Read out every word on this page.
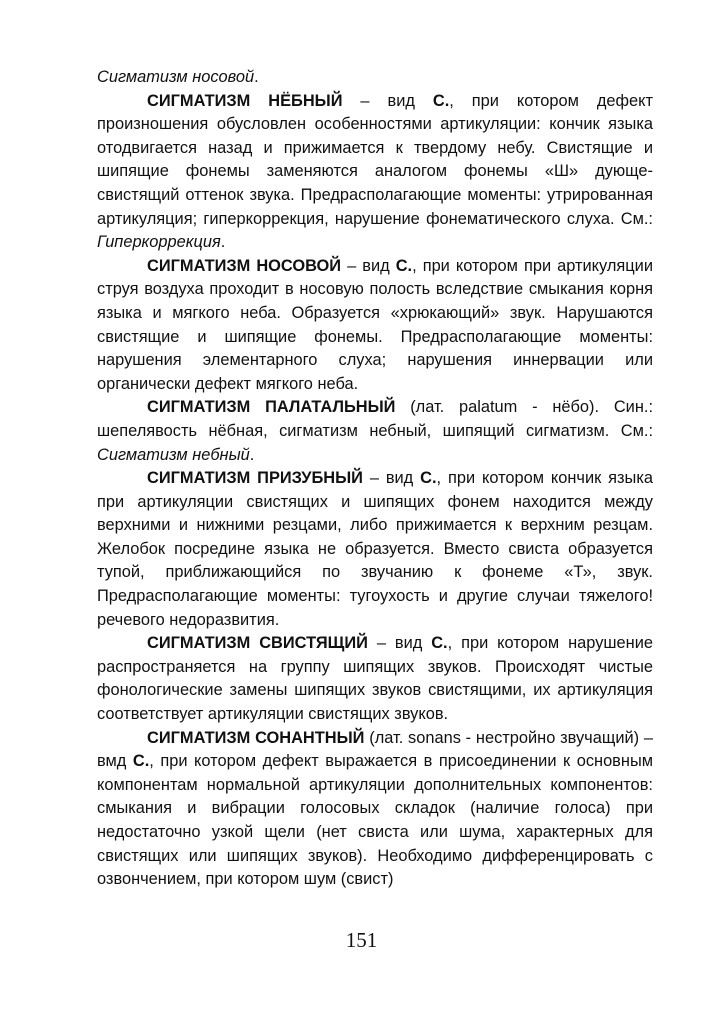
Сигматизм носовой.

СИГМАТИЗМ НЁБНЫЙ – вид С., при котором дефект произношения обусловлен особенностями артикуляции: кончик языка отодвигается назад и прижимается к твердому небу. Свистящие и шипящие фонемы заменяются аналогом фонемы «Ш» дующе-свистящий оттенок звука. Предрасполагающие моменты: утрированная артикуляция; гиперкоррекция, нарушение фонематического слуха. См.: Гиперкоррекция.

СИГМАТИЗМ НОСОВОЙ – вид С., при котором при артикуляции струя воздуха проходит в носовую полость вследствие смыкания корня языка и мягкого неба. Образуется «хрюкающий» звук. Нарушаются свистящие и шипящие фонемы. Предрасполагающие моменты: нарушения элементарного слуха; нарушения иннервации или органически дефект мягкого неба.

СИГМАТИЗМ ПАЛАТАЛЬНЫЙ (лат. palatum - нёбо). Син.: шепелявость нёбная, сигматизм небный, шипящий сигматизм. См.: Сигматизм небный.

СИГМАТИЗМ ПРИЗУБНЫЙ – вид С., при котором кончик языка при артикуляции свистящих и шипящих фонем находится между верхними и нижними резцами, либо прижимается к верхним резцам. Желобок посредине языка не образуется. Вместо свиста образуется тупой, приближающийся по звучанию к фонеме «Т», звук. Предрасполагающие моменты: тугоухость и другие случаи тяжелого! речевого недоразвития.

СИГМАТИЗМ СВИСТЯЩИЙ – вид С., при котором нарушение распространяется на группу шипящих звуков. Происходят чистые фонологические замены шипящих звуков свистящими, их артикуляция соответствует артикуляции свистящих звуков.

СИГМАТИЗМ СОНАНТНЫЙ (лат. sonans - нестройно звучащий) – вмд С., при котором дефект выражается в присоединении к основным компонентам нормальной артикуляции дополнительных компонентов: смыкания и вибрации голосовых складок (наличие голоса) при недостаточно узкой щели (нет свиста или шума, характерных для свистящих или шипящих звуков). Необходимо дифференцировать с озвончением, при котором шум (свист)

151
